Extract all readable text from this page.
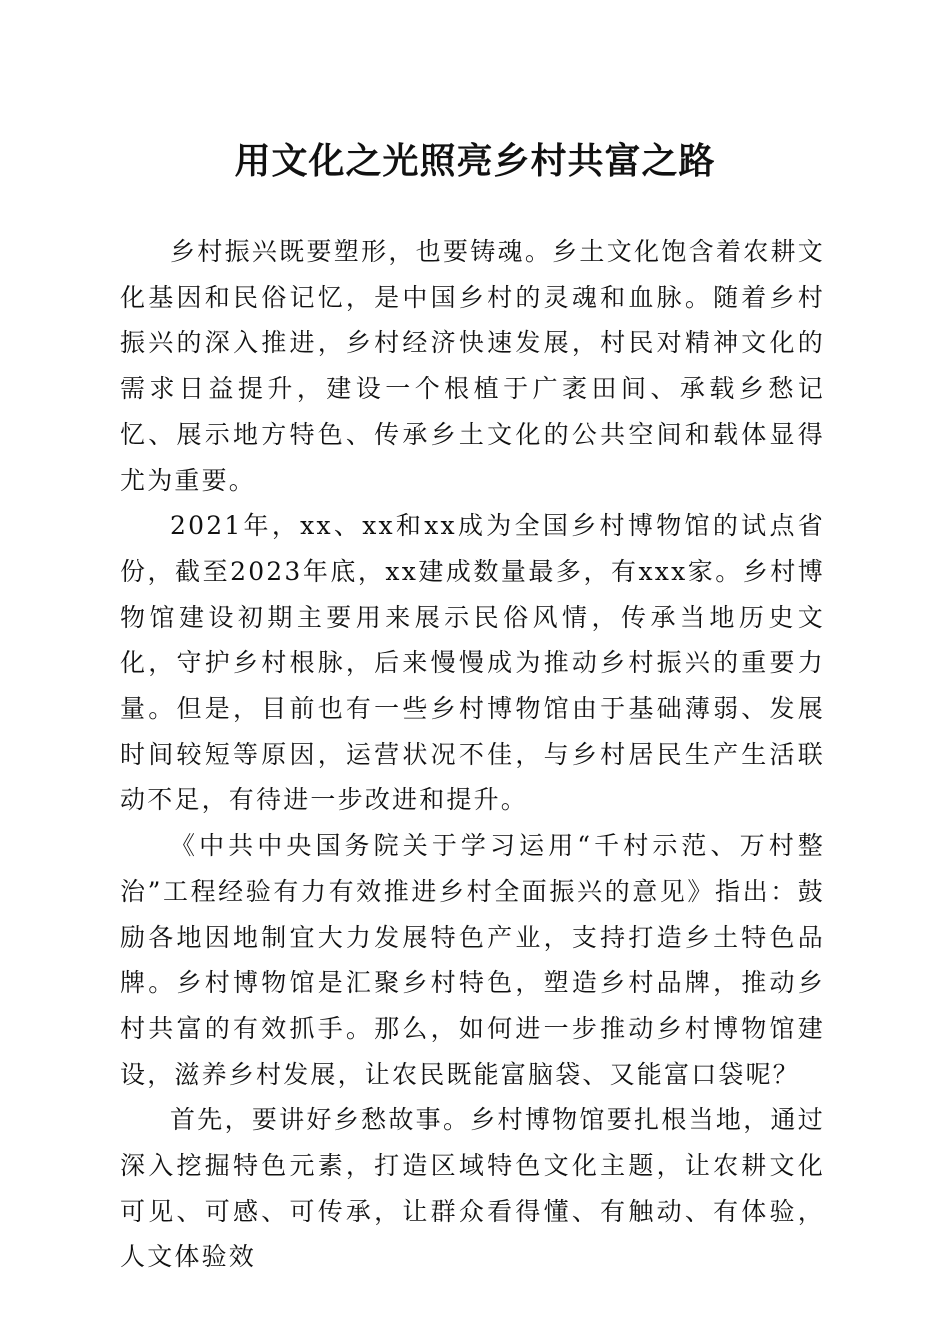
用文化之光照亮乡村共富之路

乡村振兴既要塑形，也要铸魂。乡土文化饱含着农耕文化基因和民俗记忆，是中国乡村的灵魂和血脉。随着乡村振兴的深入推进，乡村经济快速发展，村民对精神文化的需求日益提升，建设一个根植于广袤田间、承载乡愁记忆、展示地方特色、传承乡土文化的公共空间和载体显得尤为重要。

2021年，xx、xx和xx成为全国乡村博物馆的试点省份，截至2023年底，xx建成数量最多，有xxx家。乡村博物馆建设初期主要用来展示民俗风情，传承当地历史文化，守护乡村根脉，后来慢慢成为推动乡村振兴的重要力量。但是，目前也有一些乡村博物馆由于基础薄弱、发展时间较短等原因，运营状况不佳，与乡村居民生产生活联动不足，有待进一步改进和提升。

《中共中央国务院关于学习运用“千村示范、万村整治”工程经验有力有效推进乡村全面振兴的意见》指出：鼓励各地因地制宜大力发展特色产业，支持打造乡土特色品牌。乡村博物馆是汇聚乡村特色，塑造乡村品牌，推动乡村共富的有效抓手。那么，如何进一步推动乡村博物馆建设，滋养乡村发展，让农民既能富脑袋、又能富口袋呢？

首先，要讲好乡愁故事。乡村博物馆要扎根当地，通过深入挖掘特色元素，打造区域特色文化主题，让农耕文化可见、可感、可传承，让群众看得懂、有触动、有体验，人文体验效
